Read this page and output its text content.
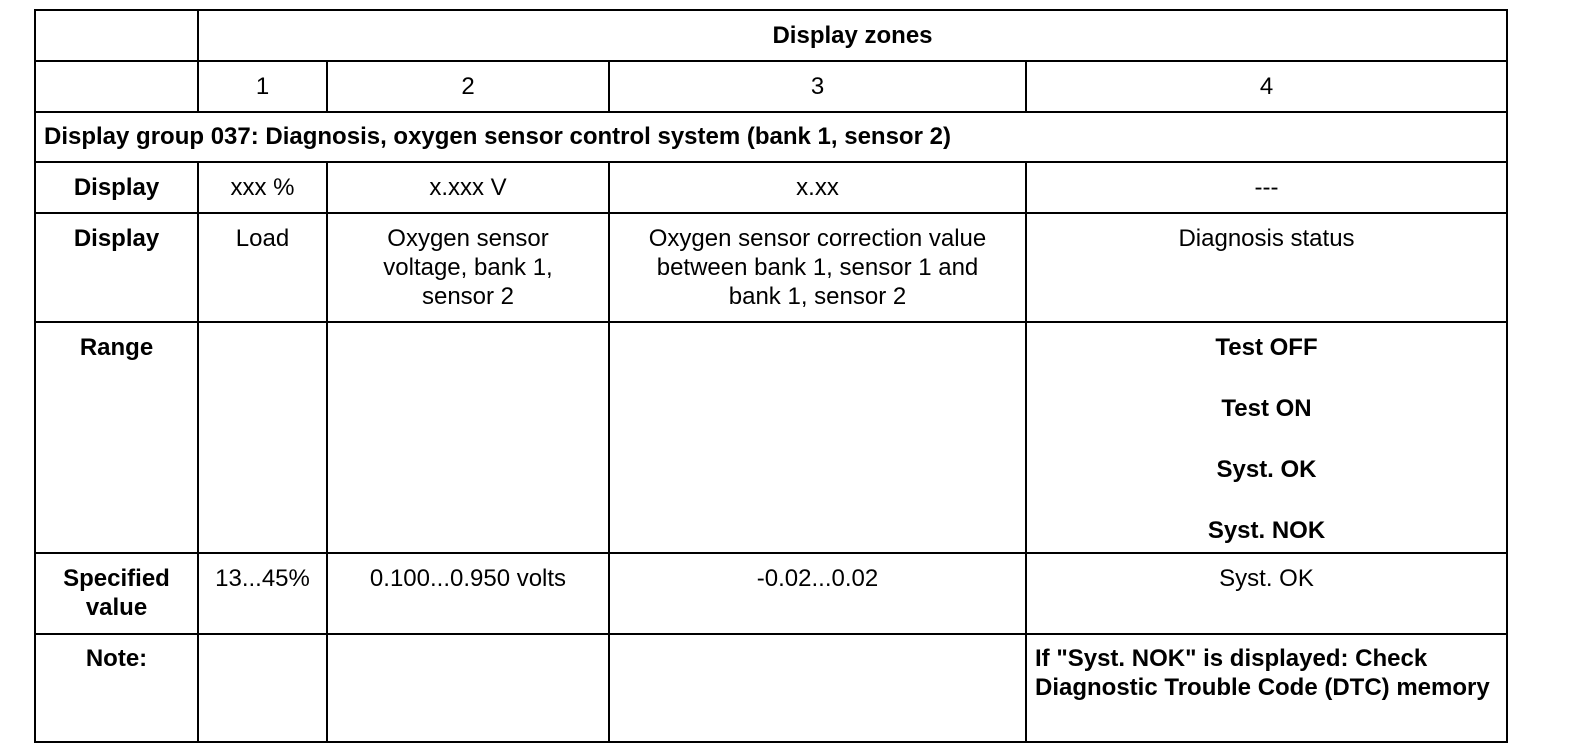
	Display zones			
	1	2	3	4
Display group 037: Diagnosis, oxygen sensor control system (bank 1, sensor 2)				
Display	xxx %	x.xxx V	x.xx	---
Display	Load	Oxygen sensor voltage, bank 1, sensor 2	Oxygen sensor correction value between bank 1, sensor 1 and bank 1, sensor 2	Diagnosis status
Range				Test OFF
Test ON
Syst. OK
Syst. NOK

Specified value	13...45%	0.100...0.950 volts	-0.02...0.02	Syst. OK
Note:				If "Syst. NOK" is displayed: Check Diagnostic Trouble Code (DTC) memory
